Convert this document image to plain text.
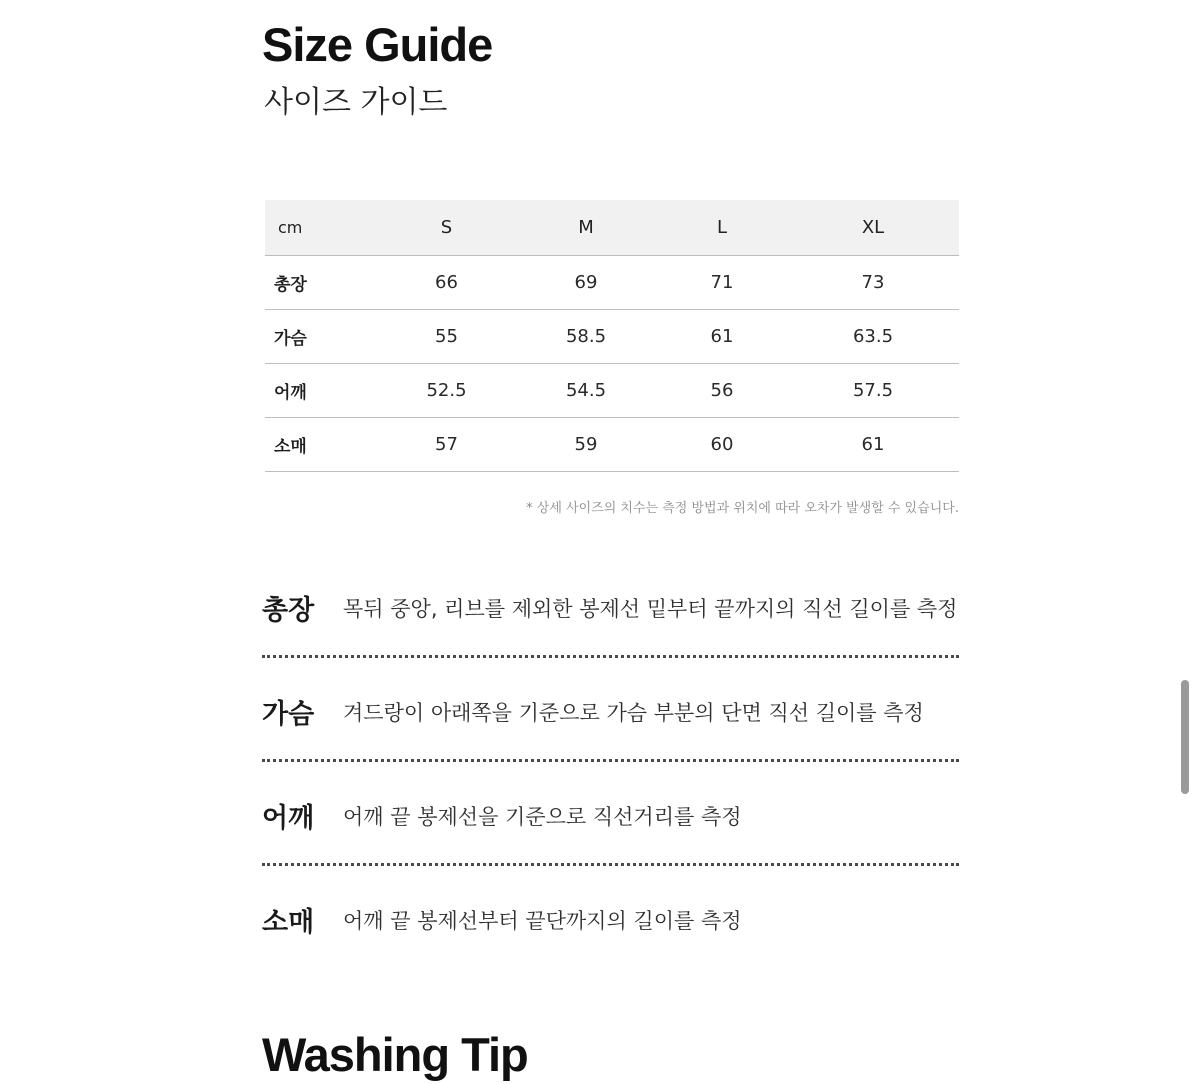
Size Guide
사이즈 가이드
cm	S	M	L	XL
총장	66	69	71	73
가슴	55	58.5	61	63.5
어깨	52.5	54.5	56	57.5
소매	57	59	60	61
* 상세 사이즈의 치수는 측정 방법과 위치에 따라 오차가 발생할 수 있습니다.
총장 목뒤 중앙, 리브를 제외한 봉제선 밑부터 끝까지의 직선 길이를 측정
가슴 겨드랑이 아래쪽을 기준으로 가슴 부분의 단면 직선 길이를 측정
어깨 어깨 끝 봉제선을 기준으로 직선거리를 측정
소매 어깨 끝 봉제선부터 끝단까지의 길이를 측정
Washing Tip
